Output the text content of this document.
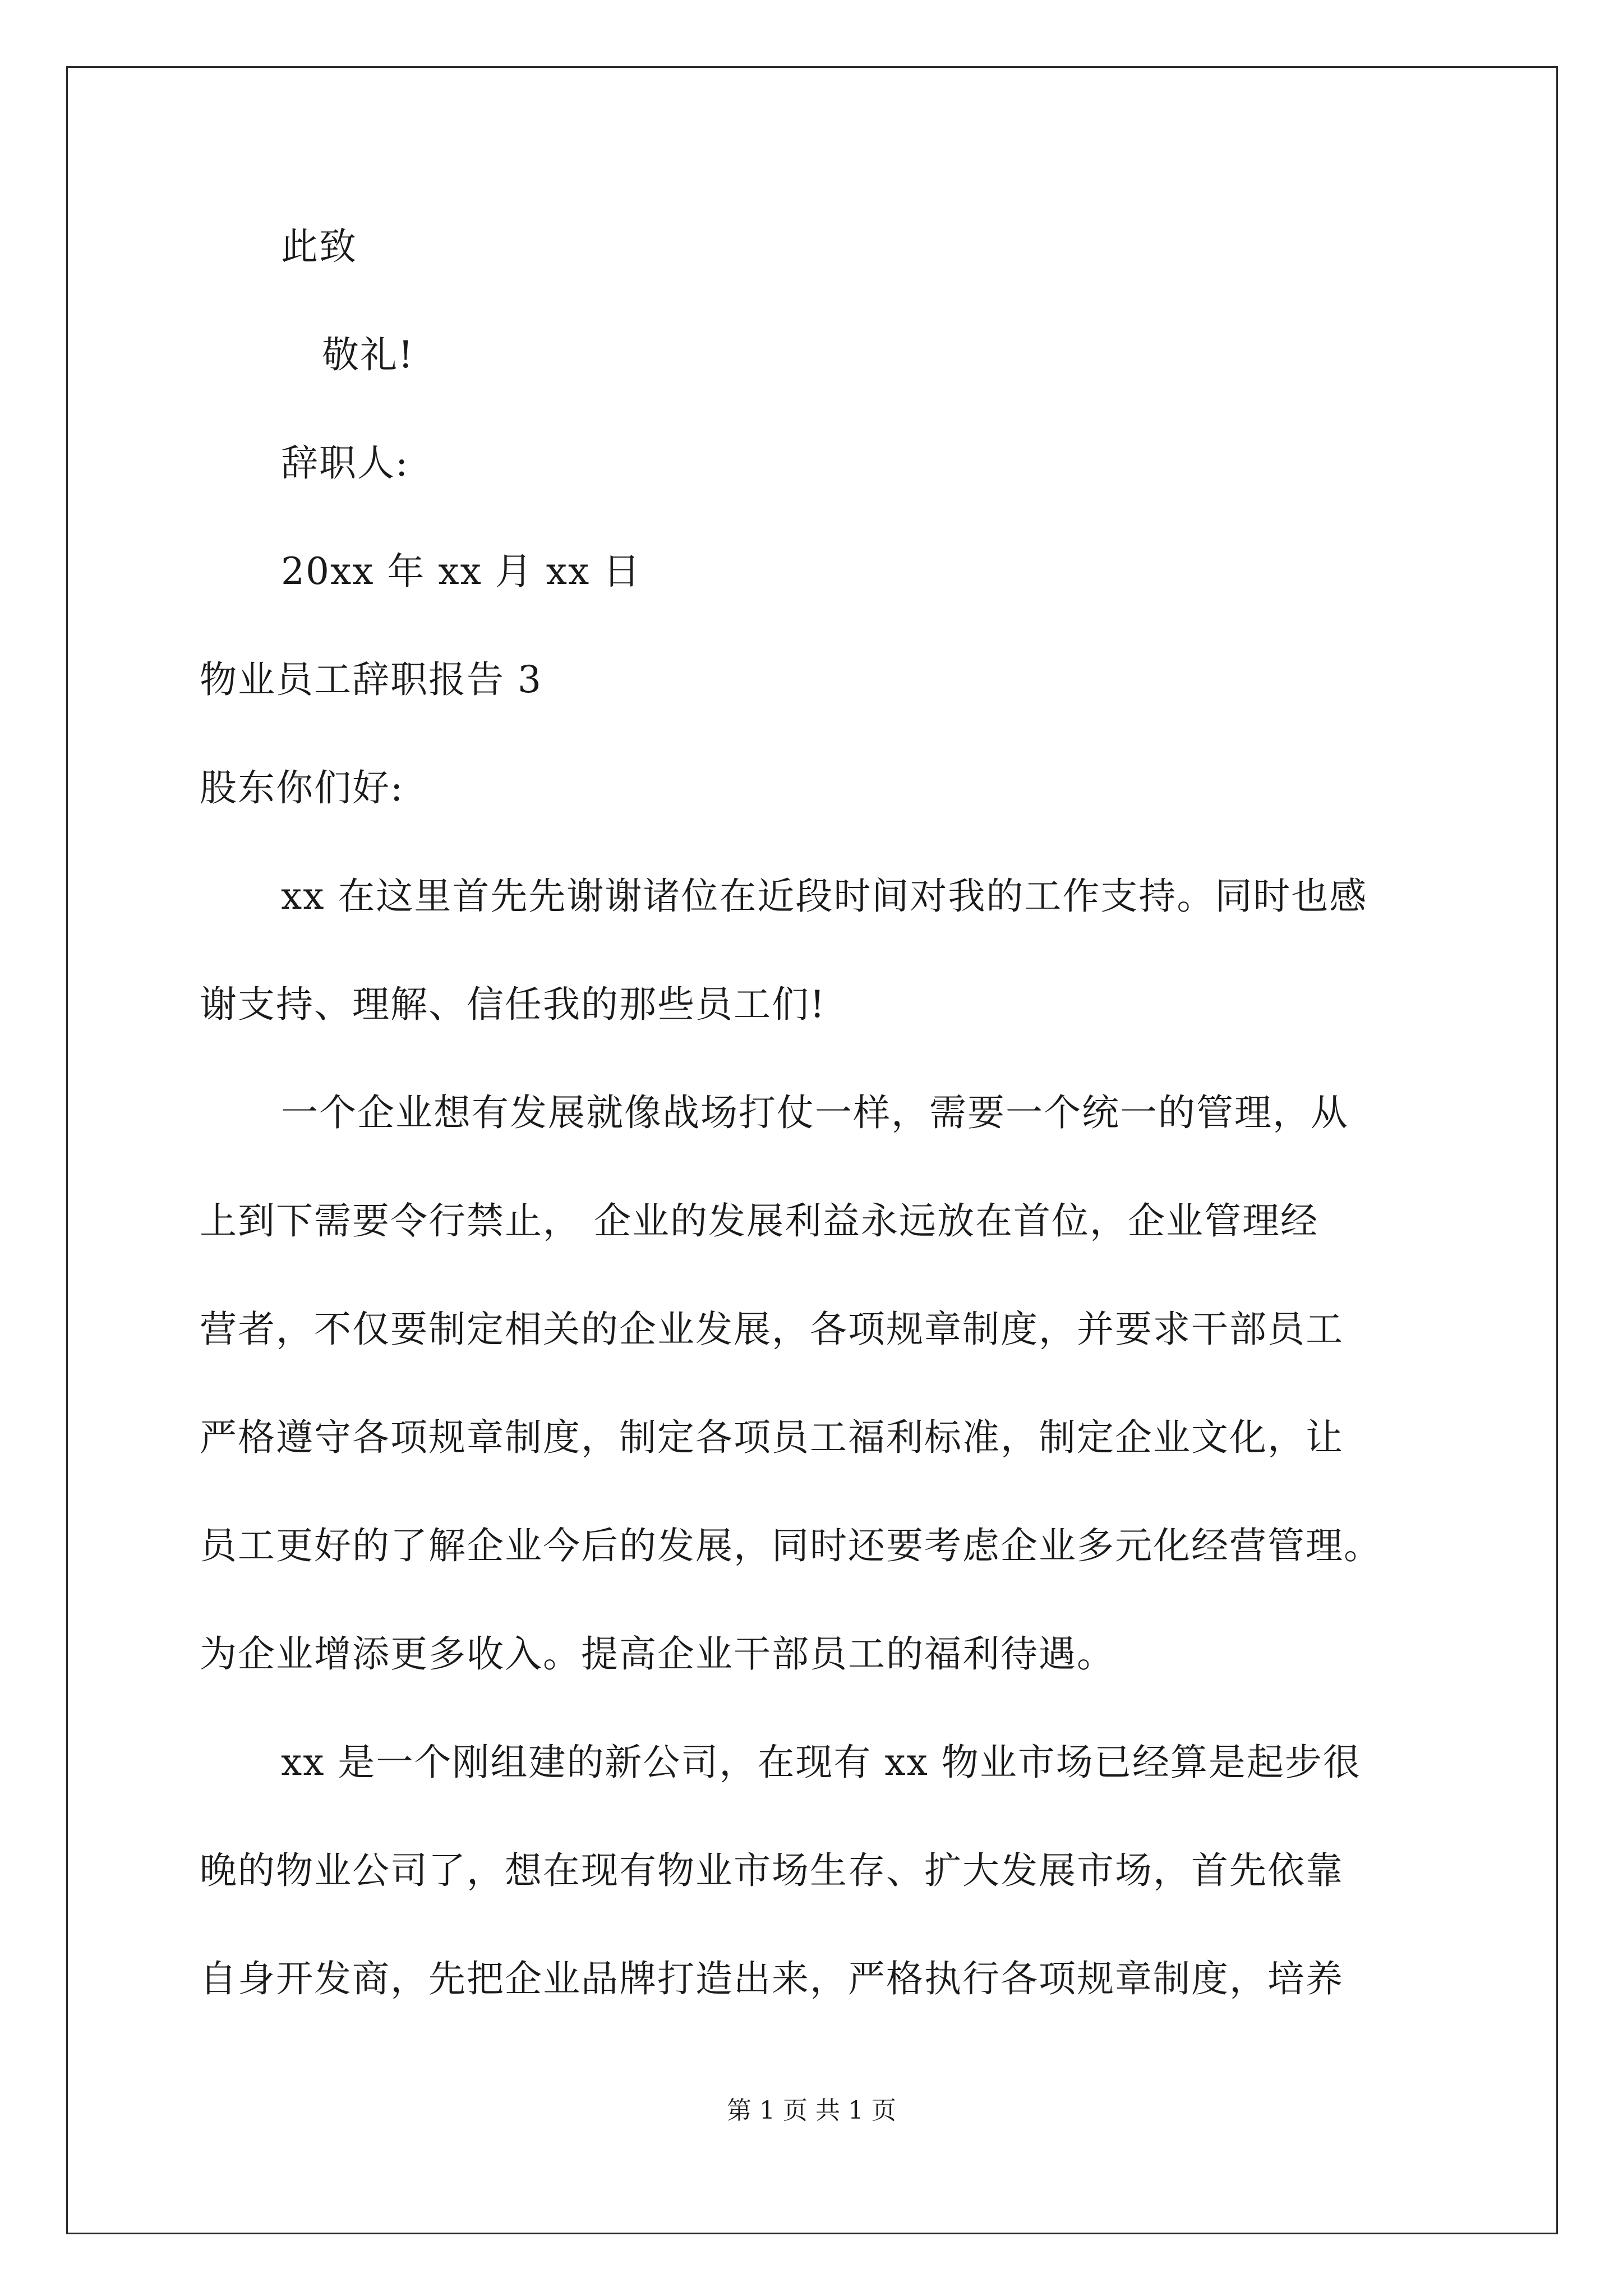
此致
敬礼!
辞职人:
20xx 年 xx 月 xx 日
物业员工辞职报告 3
股东你们好:
xx 在这里首先先谢谢诸位在近段时间对我的工作支持。同时也感
谢支持、理解、信任我的那些员工们!
一个企业想有发展就像战场打仗一样，需要一个统一的管理，从
上到下需要令行禁止， 企业的发展利益永远放在首位，企业管理经
营者，不仅要制定相关的企业发展，各项规章制度，并要求干部员工
严格遵守各项规章制度，制定各项员工福利标准，制定企业文化，让
员工更好的了解企业今后的发展，同时还要考虑企业多元化经营管理。
为企业增添更多收入。提高企业干部员工的福利待遇。
xx 是一个刚组建的新公司，在现有 xx 物业市场已经算是起步很
晚的物业公司了，想在现有物业市场生存、扩大发展市场，首先依靠
自身开发商，先把企业品牌打造出来，严格执行各项规章制度，培养
第 1 页 共 1 页
